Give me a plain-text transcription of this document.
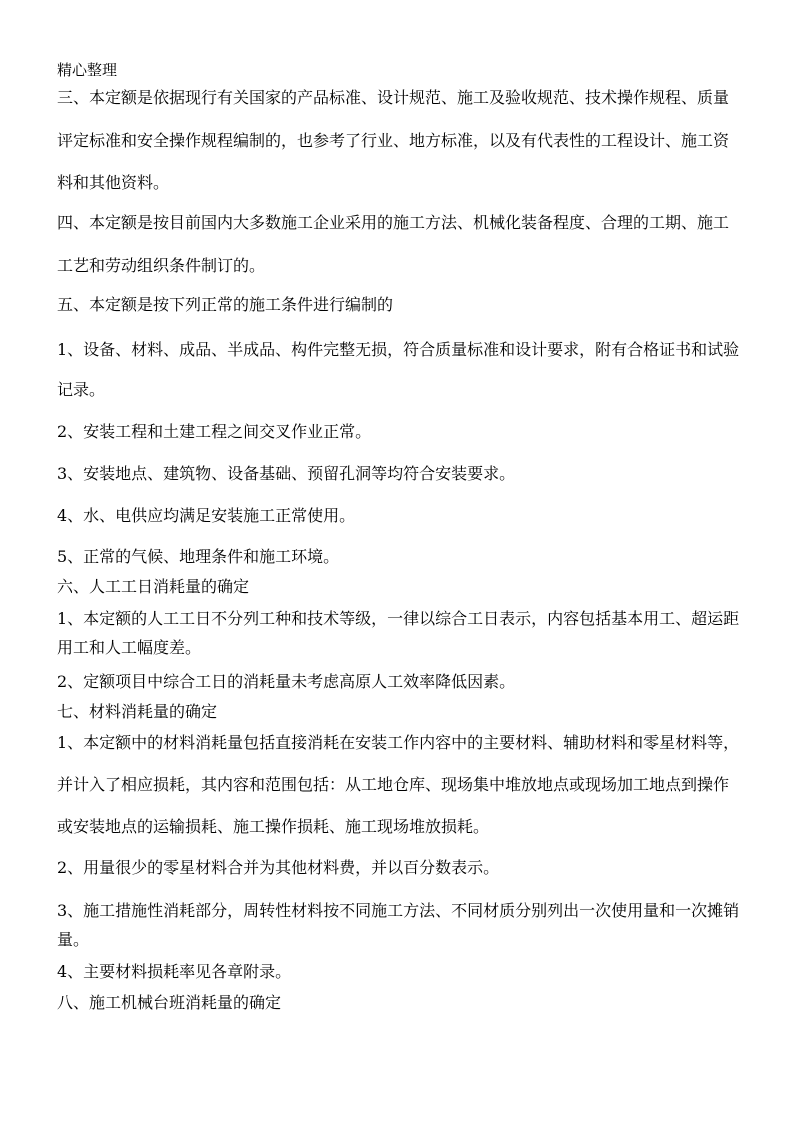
精心整理
三、本定额是依据现行有关国家的产品标准、设计规范、施工及验收规范、技术操作规程、质量
评定标准和安全操作规程编制的，也参考了行业、地方标准，以及有代表性的工程设计、施工资
料和其他资料。
四、本定额是按目前国内大多数施工企业采用的施工方法、机械化装备程度、合理的工期、施工
工艺和劳动组织条件制订的。
五、本定额是按下列正常的施工条件进行编制的
1、设备、材料、成品、半成品、构件完整无损，符合质量标准和设计要求，附有合格证书和试验
记录。
2、安装工程和土建工程之间交叉作业正常。
3、安装地点、建筑物、设备基础、预留孔洞等均符合安装要求。
4、水、电供应均满足安装施工正常使用。
5、正常的气候、地理条件和施工环境。
六、人工工日消耗量的确定
1、本定额的人工工日不分列工种和技术等级，一律以综合工日表示，内容包括基本用工、超运距
用工和人工幅度差。
2、定额项目中综合工日的消耗量未考虑高原人工效率降低因素。
七、材料消耗量的确定
1、本定额中的材料消耗量包括直接消耗在安装工作内容中的主要材料、辅助材料和零星材料等，
并计入了相应损耗，其内容和范围包括：从工地仓库、现场集中堆放地点或现场加工地点到操作
或安装地点的运输损耗、施工操作损耗、施工现场堆放损耗。
2、用量很少的零星材料合并为其他材料费，并以百分数表示。
3、施工措施性消耗部分，周转性材料按不同施工方法、不同材质分别列出一次使用量和一次摊销
量。
4、主要材料损耗率见各章附录。
八、施工机械台班消耗量的确定
